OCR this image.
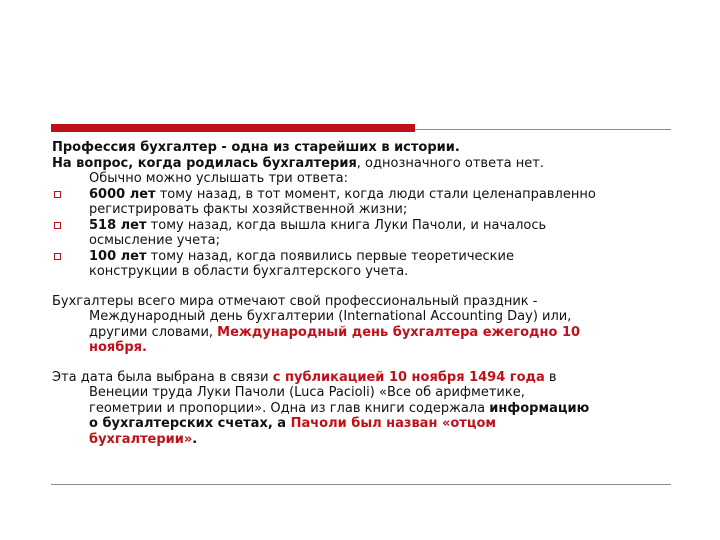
Профессия бухгалтер - одна из старейших в истории.

На вопрос, когда родилась бухгалтерия, однозначного ответа нет.

Обычно можно услышать три ответа:

6000 лет тому назад, в тот момент, когда люди стали целенаправленно

регистрировать факты хозяйственной жизни;

518 лет тому назад, когда вышла книга Луки Пачоли, и началось

осмысление учета;

100 лет тому назад, когда появились первые теоретические

конструкции в области бухгалтерского учета.

Бухгалтеры всего мира отмечают свой профессиональный праздник -

Международный день бухгалтерии (International Accounting Day) или,

другими словами, Международный день бухгалтера ежегодно 10

ноября.

Эта дата была выбрана в связи с публикацией 10 ноября 1494 года в

Венеции труда Луки Пачоли (Luca Pacioli) «Все об арифметике,

геометрии и пропорции». Одна из глав книги содержала информацию

о бухгалтерских счетах, а Пачоли был назван «отцом

бухгалтерии».
